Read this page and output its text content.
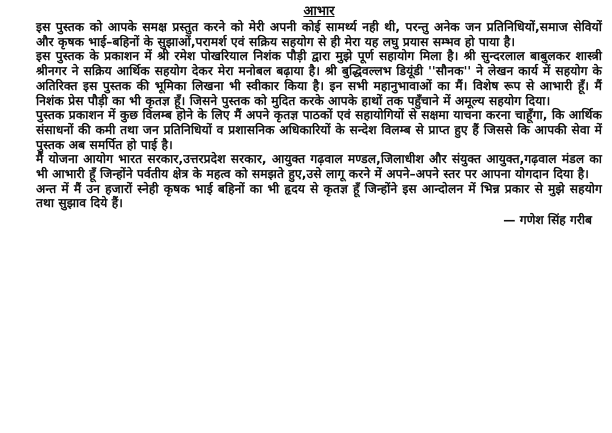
आभार

इस पुस्तक को आपके समक्ष प्रस्तुत करने को मेरी अपनी कोई सामर्थ्य नही थी, परन्तु अनेक जन प्रतिनिधियों,समाज सेवियों और कृषक भाई–बहिनों के सुझाओं,परामर्श एवं सक्रिय सहयोग से ही मेरा यह लघु प्रयास सम्भव हो पाया है।

इस पुस्तक के प्रकाशन में श्री रमेश पोखरियाल निशंक पौड़ी द्वारा मुझे पूर्ण सहायोग मिला है। श्री सुन्दरलाल बाबुलकर शास्त्री श्रीनगर ने सक्रिय आर्थिक सहयोग देकर मेरा मनोबल बढ़ाया है। श्री बुद्धिवल्लभ डियूंडी ''सौनक'' ने लेखन कार्य में सहयोग के अतिरिक्त इस पुस्तक की भूमिका लिखना भी स्वीकार किया है। इन सभी महानुभावाओं का मैं। विशेष रूप से आभारी हूँ। मैं निशंक प्रेस पौड़ी का भी कृतज्ञ हूँ। जिसने पुस्तक को मुदित करके आपके हाथों तक पहुँचाने में अमूल्य सहयोग दिया।

पुस्तक प्रकाशन में कुछ विलम्ब होने के लिए मैं अपने कृतज्ञ पाठकों एवं सहायोगियों से सक्षमा याचना करना चाहूँगा, कि आर्थिक संसाधनों की कमी तथा जन प्रतिनिधियों व प्रशासनिक अधिकारियों के सन्देश विलम्ब से प्राप्त हुए हैं जिससे कि आपकी सेवा में पुस्तक अब समर्पित हो पाई है।

मैं योजना आयोग भारत सरकार,उत्तरप्रदेश सरकार, आयुक्त गढ़वाल मण्डल,जिलाधीश और संयुक्त आयुक्त,गढ़वाल मंडल का भी आभारी हूँ जिन्होंने पर्वतीय क्षेत्र के महत्व को समझते हुए,उसे लागू करने में अपने–अपने स्तर पर आपना योगदान दिया है।

अन्त में मैं उन हजारों स्नेही कृषक भाई बहिनों का भी हृदय से कृतज्ञ हूँ जिन्होंने इस आन्दोलन में भिन्न प्रकार से मुझे सहयोग तथा सुझाव दिये हैं।

— गणेश सिंह गरीब
